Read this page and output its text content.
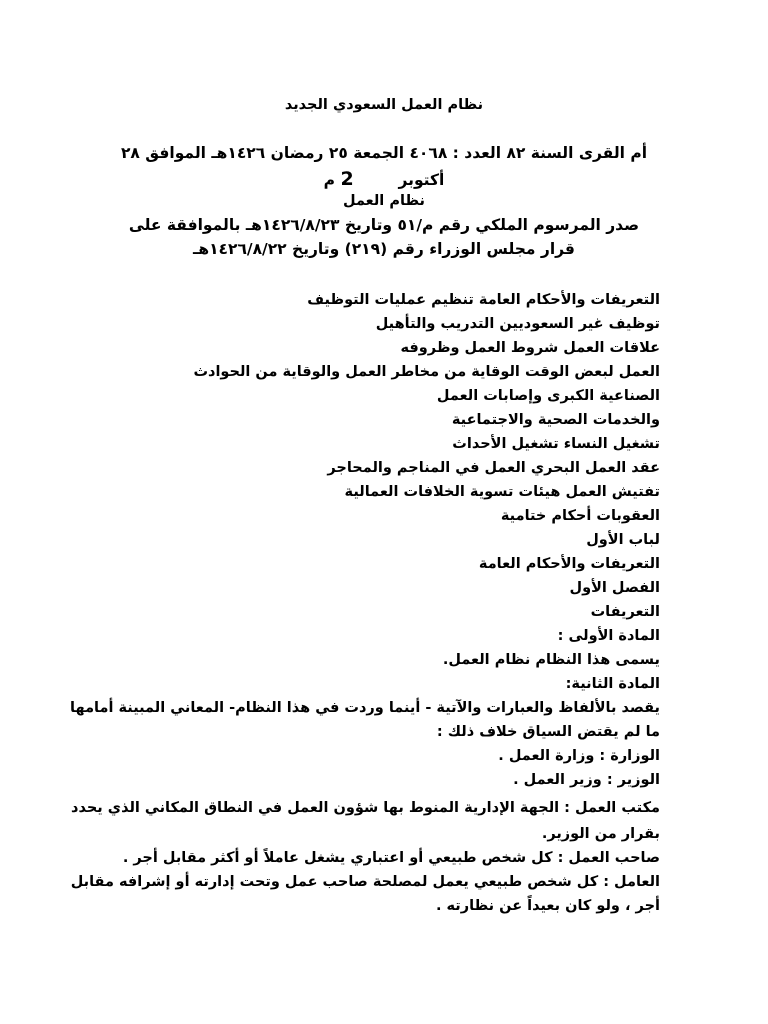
نظام العمل السعودي الجديد
أم القرى السنة ٨٢ العدد : ٤٠٦٨ الجمعة ٢٥ رمضان ١٤٢٦هـ الموافق ٢٨
أكتوبر  2 م
نظام العمل
صدر المرسوم الملكي رقم م/٥١ وتاريخ ١٤٢٦/٨/٢٣هـ بالموافقة على
قرار مجلس الوزراء رقم (٢١٩) وتاريخ ١٤٢٦/٨/٢٢هـ
التعريفات والأحكام العامة تنظيم عمليات التوظيف
توظيف غير السعوديين التدريب والتأهيل
علاقات العمل شروط العمل وظروفه
العمل لبعض الوقت الوقاية من مخاطر العمل والوقاية من الحوادث
الصناعية الكبرى وإصابات العمل
والخدمات الصحية والاجتماعية
تشغيل النساء تشغيل الأحداث
عقد العمل البحري العمل في المناجم والمحاجر
تفتيش العمل هيئات تسوية الخلافات العمالية
العقوبات أحكام ختامية
لباب الأول
التعريفات والأحكام العامة
الفصل الأول
التعريفات
المادة الأولى :
يسمى هذا النظام نظام العمل.
المادة الثانية:
يقصد بالألفاظ والعبارات والآتية - أينما وردت في هذا النظام- المعاني المبينة أمامها
ما لم يقتض السياق خلاف ذلك :
الوزارة : وزارة العمل .
الوزير : وزير العمل .
مكتب العمل : الجهة الإدارية المنوط بها شؤون العمل في النطاق المكاني الذي يحدد
بقرار من الوزير.
صاحب العمل : كل شخص طبيعي أو اعتباري يشغل عاملاً أو أكثر مقابل أجر .
العامل : كل شخص طبيعي يعمل لمصلحة صاحب عمل وتحت إدارته أو إشرافه مقابل
أجر ، ولو كان بعيداً عن نظارته .
